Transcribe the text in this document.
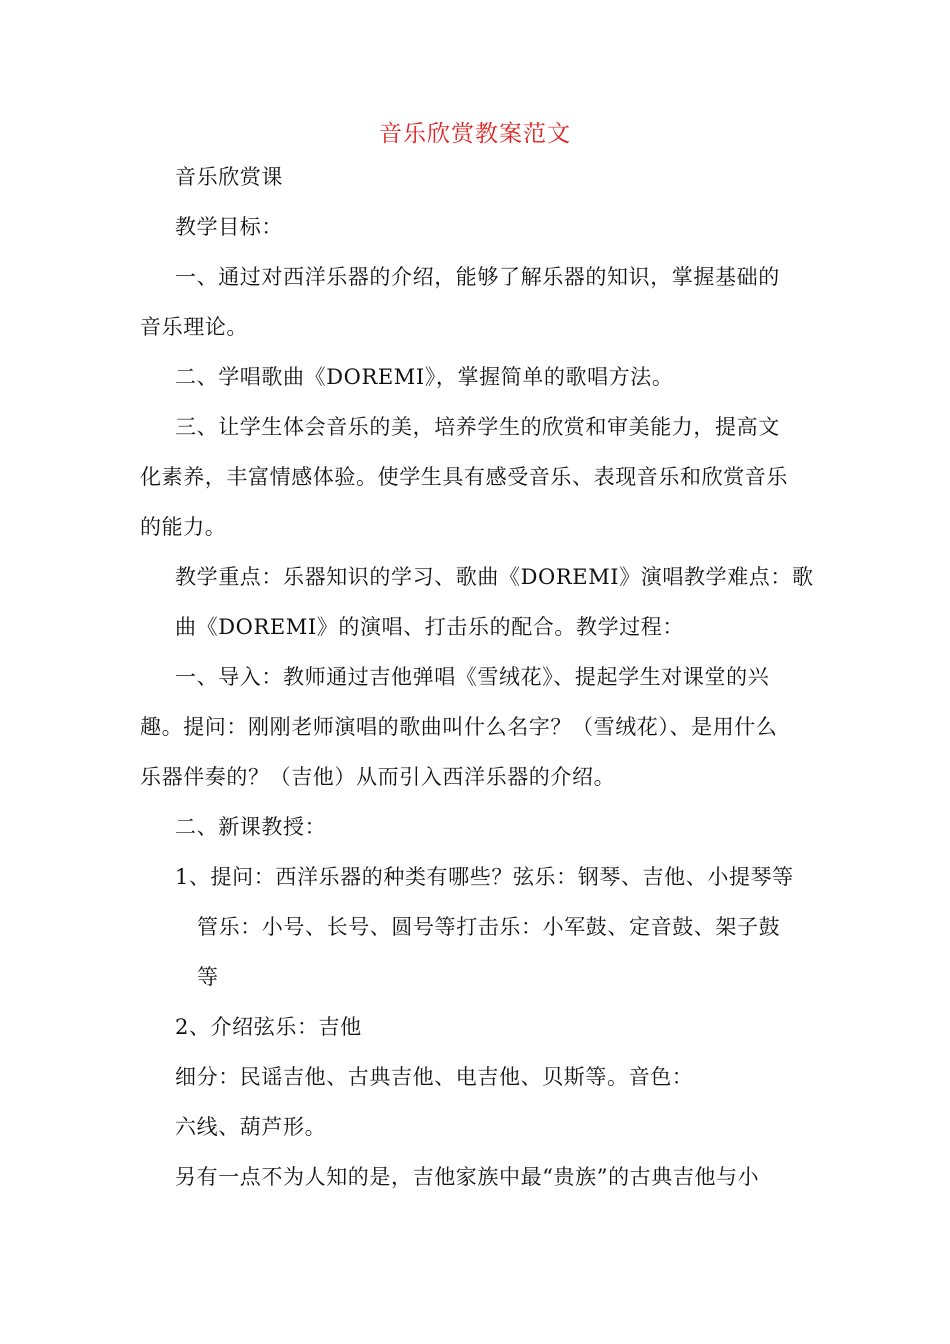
音乐欣赏教案范文
音乐欣赏课
教学目标：
一、通过对西洋乐器的介绍，能够了解乐器的知识，掌握基础的
音乐理论。
二、学唱歌曲《DOREMI》，掌握简单的歌唱方法。
三、让学生体会音乐的美，培养学生的欣赏和审美能力，提高文
化素养，丰富情感体验。使学生具有感受音乐、表现音乐和欣赏音乐
的能力。
教学重点：乐器知识的学习、歌曲《DOREMI》演唱教学难点：歌
曲《DOREMI》的演唱、打击乐的配合。教学过程：
一、导入：教师通过吉他弹唱《雪绒花》、提起学生对课堂的兴
趣。提问：刚刚老师演唱的歌曲叫什么名字？（雪绒花）、是用什么
乐器伴奏的？（吉他）从而引入西洋乐器的介绍。
二、新课教授：
1、提问：西洋乐器的种类有哪些？弦乐：钢琴、吉他、小提琴等
管乐：小号、长号、圆号等打击乐：小军鼓、定音鼓、架子鼓
等
2、介绍弦乐：吉他
细分：民谣吉他、古典吉他、电吉他、贝斯等。音色：
六线、葫芦形。
另有一点不为人知的是，吉他家族中最“贵族”的古典吉他与小
